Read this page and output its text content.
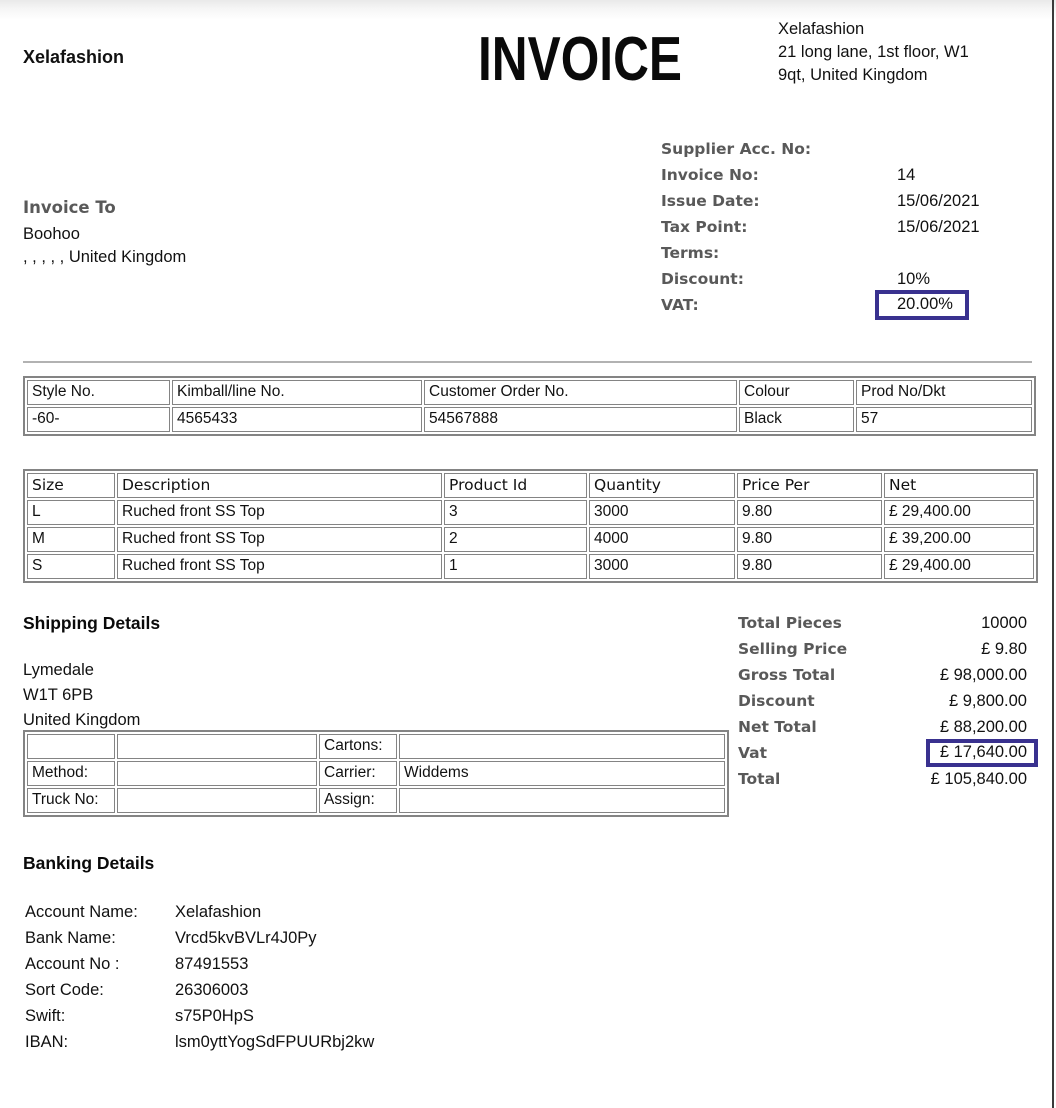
Xelafashion	INVOICE	Xelafashion
21 long lane, 1st floor, W1
9qt, United Kingdom
Invoice To
Boohoo
, , , , , United Kingdom
Supplier Acc. No:
Invoice No:	14
Issue Date:	15/06/2021
Tax Point:	15/06/2021
Terms:
Discount:	10%
VAT:	20.00%
Style No.	Kimball/line No.	Customer Order No.	Colour	Prod No/Dkt
-60-	4565433	54567888	Black	57
Size	Description	Product Id	Quantity	Price Per	Net
L	Ruched front SS Top	3	3000	9.80	£ 29,400.00
M	Ruched front SS Top	2	4000	9.80	£ 39,200.00
S	Ruched front SS Top	1	3000	9.80	£ 29,400.00
Shipping Details
Lymedale
W1T 6PB
United Kingdom
		Cartons:	
Method:		Carrier:	Widdems
Truck No:		Assign:	
Total Pieces	10000
Selling Price	£ 9.80
Gross Total	£ 98,000.00
Discount	£ 9,800.00
Net Total	£ 88,200.00
Vat	£ 17,640.00
Total	£ 105,840.00
Banking Details
Account Name:	Xelafashion
Bank Name:	Vrcd5kvBVLr4J0Py
Account No :	87491553
Sort Code:	26306003
Swift:	s75P0HpS
IBAN:	lsm0yttYogSdFPUURbj2kw
